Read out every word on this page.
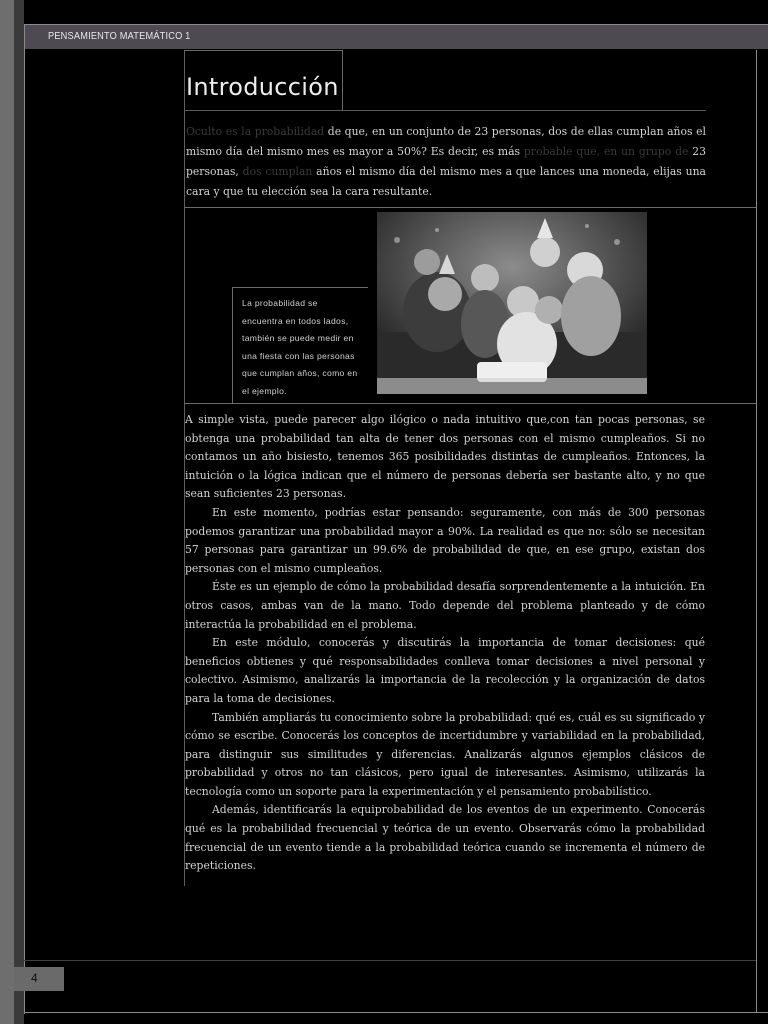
PENSAMIENTO MATEMÁTICO 1
Introducción
Oculto es la probabilidad de que, en un conjunto de 23 personas, dos de ellas cumplan años el mismo día del mismo mes es mayor a 50%? Es decir, es más probable que, en un grupo de 23 personas, dos cumplan años el mismo día del mismo mes a que lances una moneda, elijas una cara y que tu elección sea la cara resultante.
La probabilidad se encuentra en todos lados, también se puede medir en una fiesta con las personas que cumplan años, como en el ejemplo.

A simple vista, puede parecer algo ilógico o nada intuitivo que,con tan pocas personas, se obtenga una probabilidad tan alta de tener dos personas con el mismo cumpleaños. Si no contamos un año bisiesto, tenemos 365 posibilidades distintas de cumpleaños. Entonces, la intuición o la lógica indican que el número de personas debería ser bastante alto, y no que sean suficientes 23 personas.

En este momento, podrías estar pensando: seguramente, con más de 300 personas podemos garantizar una probabilidad mayor a 90%. La realidad es que no: sólo se necesitan 57 personas para garantizar un 99.6% de probabilidad de que, en ese grupo, existan dos personas con el mismo cumpleaños.

Éste es un ejemplo de cómo la probabilidad desafía sorprendentemente a la intuición. En otros casos, ambas van de la mano. Todo depende del problema planteado y de cómo interactúa la probabilidad en el problema.

En este módulo, conocerás y discutirás la importancia de tomar decisiones: qué beneficios obtienes y qué responsabilidades conlleva tomar decisiones a nivel personal y colectivo. Asimismo, analizarás la importancia de la recolección y la organización de datos para la toma de decisiones.

También ampliarás tu conocimiento sobre la probabilidad: qué es, cuál es su significado y cómo se escribe. Conocerás los conceptos de incertidumbre y variabilidad en la probabilidad, para distinguir sus similitudes y diferencias. Analizarás algunos ejemplos clásicos de probabilidad y otros no tan clásicos, pero igual de interesantes. Asimismo, utilizarás la tecnología como un soporte para la experimentación y el pensamiento probabilístico.

Además, identificarás la equiprobabilidad de los eventos de un experimento. Conocerás qué es la probabilidad frecuencial y teórica de un evento. Observarás cómo la probabilidad frecuencial de un evento tiende a la probabilidad teórica cuando se incrementa el número de repeticiones.

4
